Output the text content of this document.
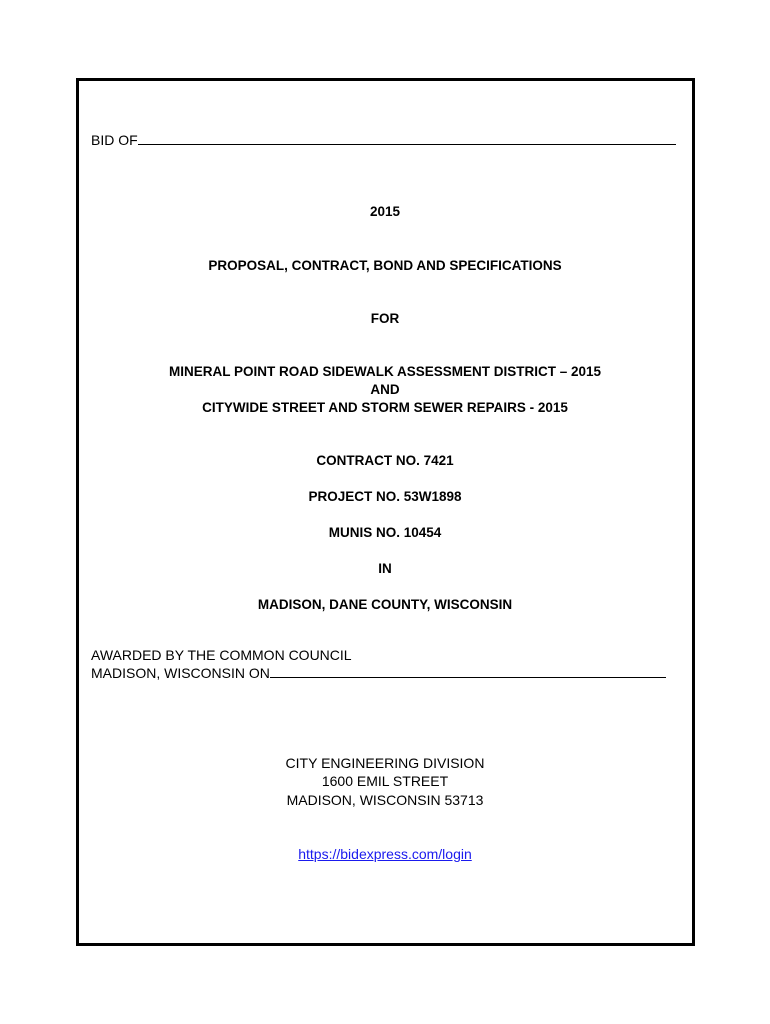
BID OF
2015
PROPOSAL, CONTRACT, BOND AND SPECIFICATIONS
FOR
MINERAL POINT ROAD SIDEWALK ASSESSMENT DISTRICT – 2015
AND
CITYWIDE STREET AND STORM SEWER REPAIRS - 2015
CONTRACT NO. 7421
PROJECT NO. 53W1898
MUNIS NO. 10454
IN
MADISON, DANE COUNTY, WISCONSIN
AWARDED BY THE COMMON COUNCIL
MADISON, WISCONSIN ON
CITY ENGINEERING DIVISION
1600 EMIL STREET
MADISON, WISCONSIN 53713
https://bidexpress.com/login
